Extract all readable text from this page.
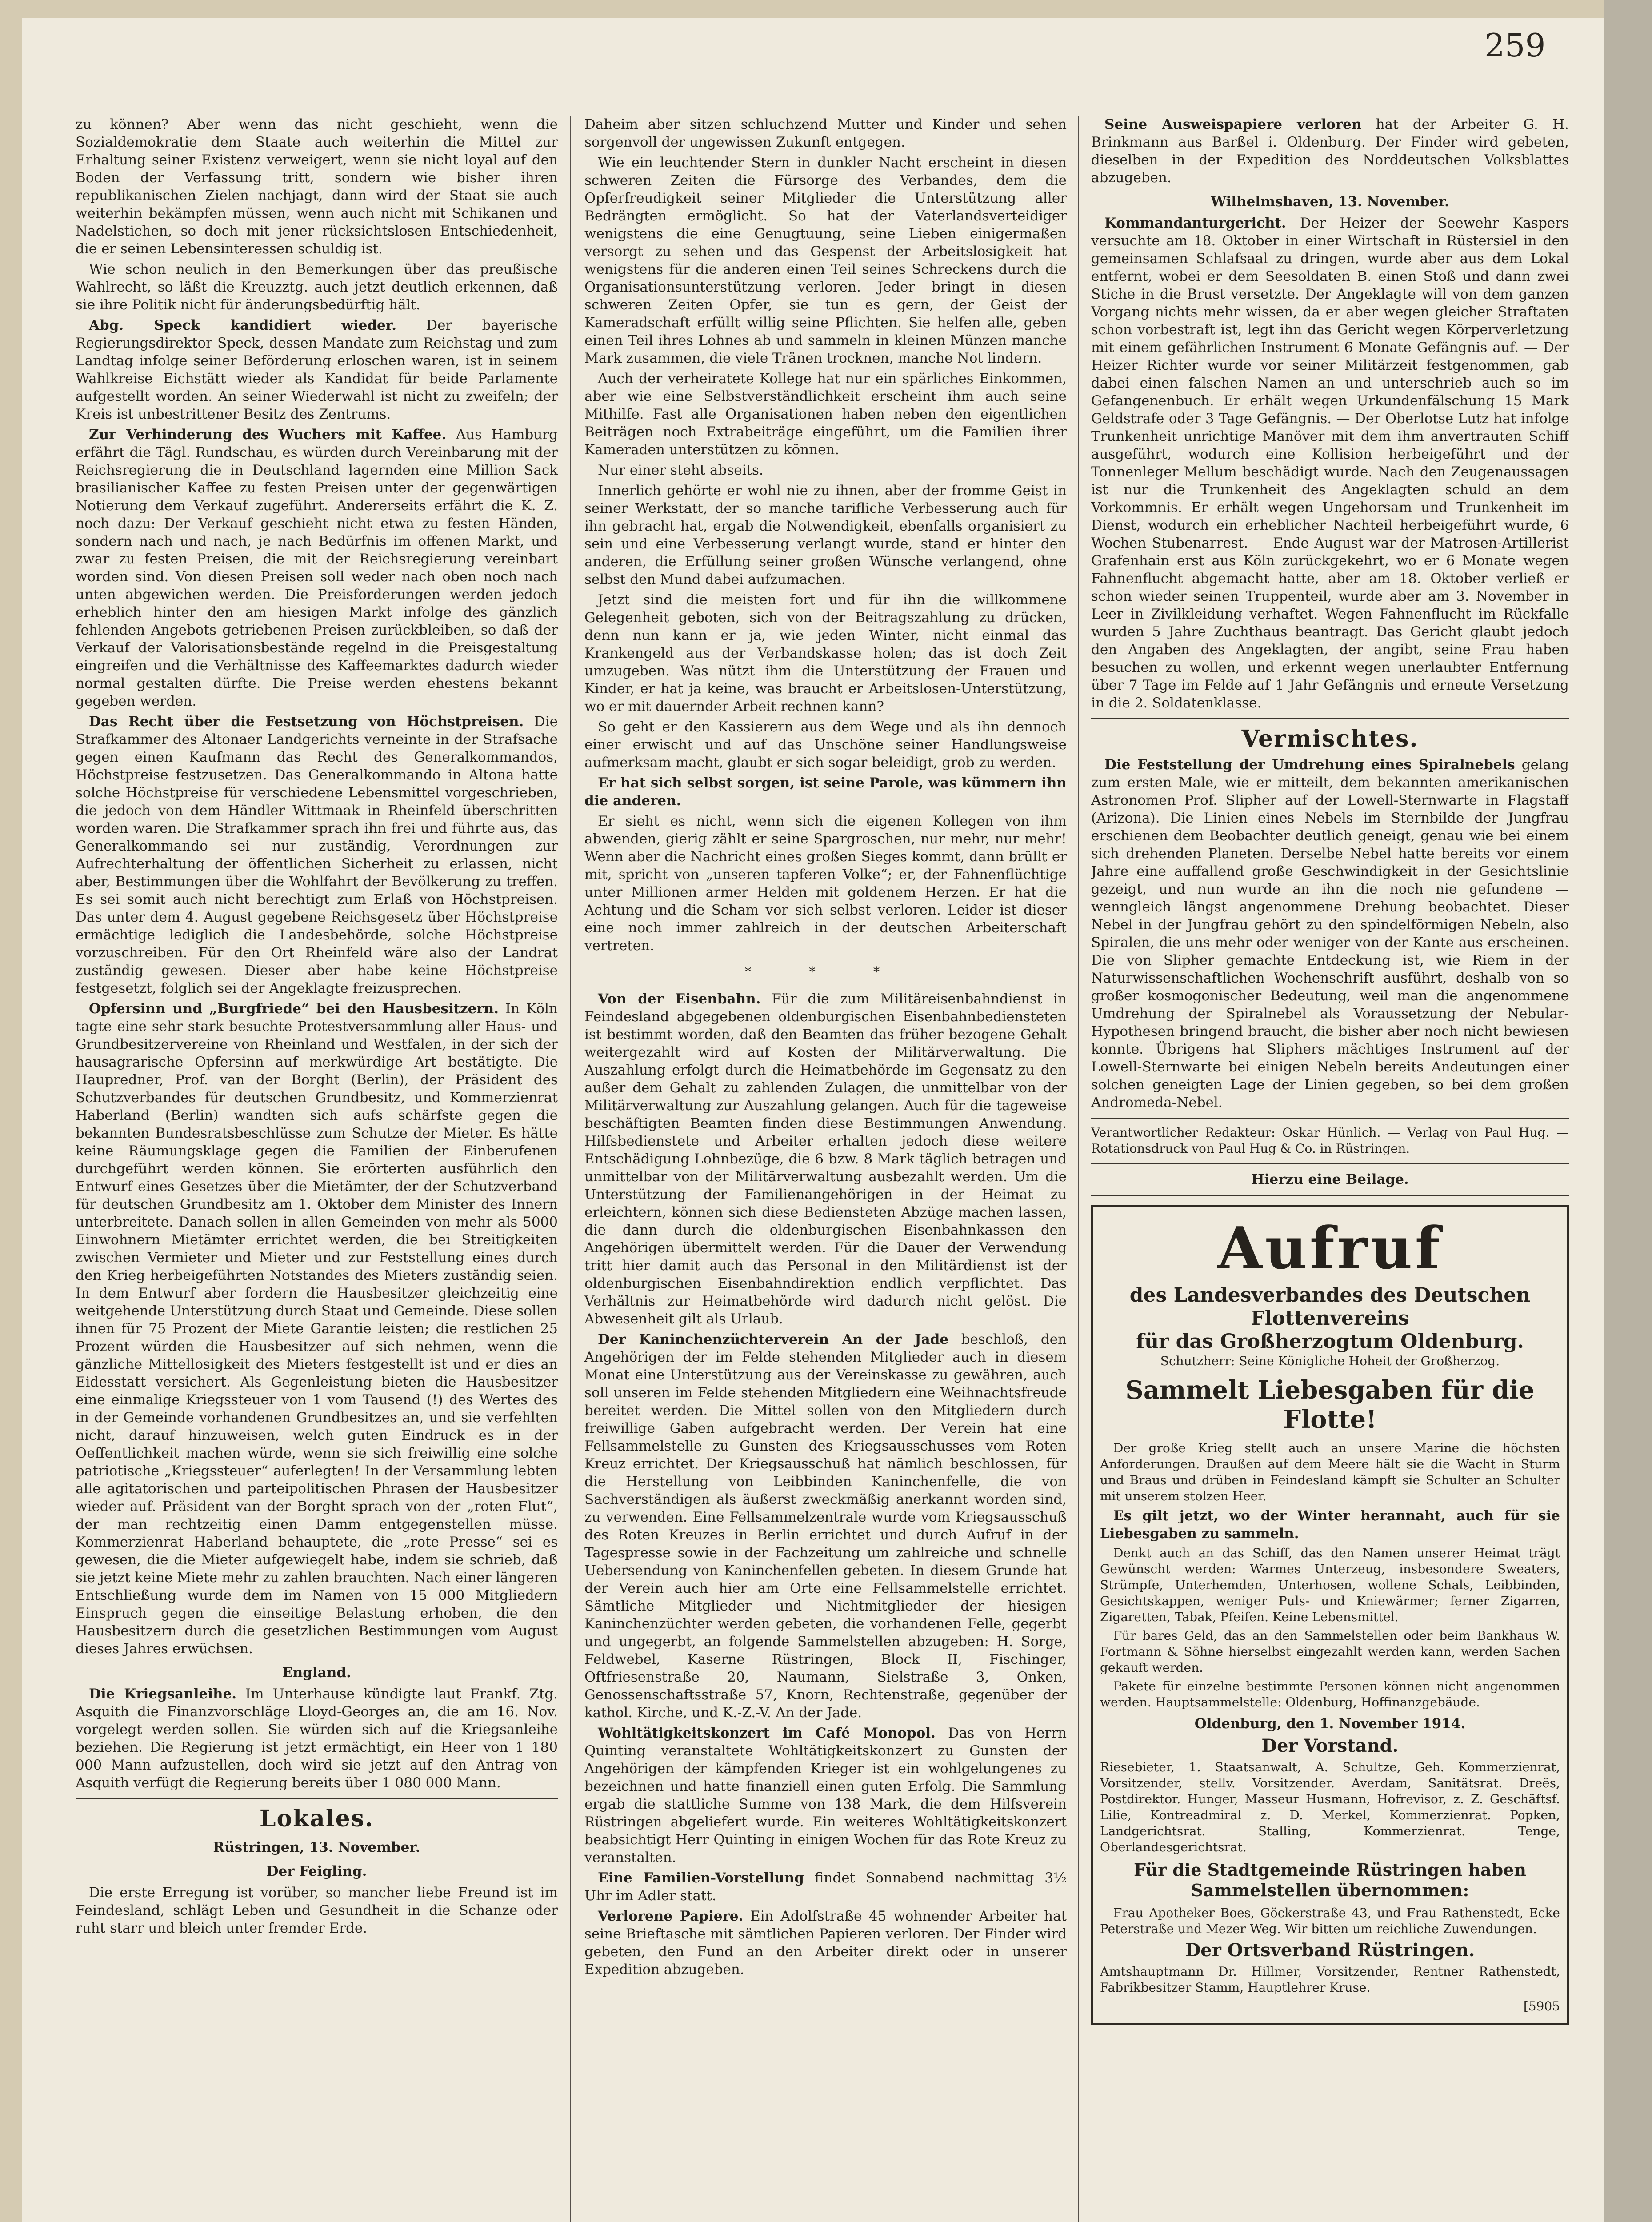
259

zu können? Aber wenn das nicht geschieht, wenn die Sozialdemokratie dem Staate auch weiterhin die Mittel zur Erhaltung seiner Existenz verweigert, wenn sie nicht loyal auf den Boden der Verfassung tritt, sondern wie bisher ihren republikanischen Zielen nachjagt, dann wird der Staat sie auch weiterhin bekämpfen müssen, wenn auch nicht mit Schikanen und Nadelstichen, so doch mit jener rücksichtslosen Entschiedenheit, die er seinen Lebensinteressen schuldig ist.

Wie schon neulich in den Bemerkungen über das preußische Wahlrecht, so läßt die Kreuzztg. auch jetzt deutlich erkennen, daß sie ihre Politik nicht für änderungsbedürftig hält.

Abg. Speck kandidiert wieder. Der bayerische Regierungsdirektor Speck, dessen Mandate zum Reichstag und zum Landtag infolge seiner Beförderung erloschen waren, ist in seinem Wahlkreise Eichstätt wieder als Kandidat für beide Parlamente aufgestellt worden. An seiner Wiederwahl ist nicht zu zweifeln; der Kreis ist unbestrittener Besitz des Zentrums.

Zur Verhinderung des Wuchers mit Kaffee. Aus Hamburg erfährt die Tägl. Rundschau, es würden durch Vereinbarung mit der Reichsregierung die in Deutschland lagernden eine Million Sack brasilianischer Kaffee zu festen Preisen unter der gegenwärtigen Notierung dem Verkauf zugeführt. Andererseits erfährt die K. Z. noch dazu: Der Verkauf geschieht nicht etwa zu festen Händen, sondern nach und nach, je nach Bedürfnis im offenen Markt, und zwar zu festen Preisen, die mit der Reichsregierung vereinbart worden sind. Von diesen Preisen soll weder nach oben noch nach unten abgewichen werden. Die Preisforderungen werden jedoch erheblich hinter den am hiesigen Markt infolge des gänzlich fehlenden Angebots getriebenen Preisen zurückbleiben, so daß der Verkauf der Valorisationsbestände regelnd in die Preisgestaltung eingreifen und die Verhältnisse des Kaffeemarktes dadurch wieder normal gestalten dürfte. Die Preise werden ehestens bekannt gegeben werden.

Das Recht über die Festsetzung von Höchstpreisen. Die Strafkammer des Altonaer Landgerichts verneinte in der Strafsache gegen einen Kaufmann das Recht des Generalkommandos, Höchstpreise festzusetzen. Das Generalkommando in Altona hatte solche Höchstpreise für verschiedene Lebensmittel vorgeschrieben, die jedoch von dem Händler Wittmaak in Rheinfeld überschritten worden waren. Die Strafkammer sprach ihn frei und führte aus, das Generalkommando sei nur zuständig, Verordnungen zur Aufrechterhaltung der öffentlichen Sicherheit zu erlassen, nicht aber, Bestimmungen über die Wohlfahrt der Bevölkerung zu treffen. Es sei somit auch nicht berechtigt zum Erlaß von Höchstpreisen. Das unter dem 4. August gegebene Reichsgesetz über Höchstpreise ermächtige lediglich die Landesbehörde, solche Höchstpreise vorzuschreiben. Für den Ort Rheinfeld wäre also der Landrat zuständig gewesen. Dieser aber habe keine Höchstpreise festgesetzt, folglich sei der Angeklagte freizusprechen.

Opfersinn und „Burgfriede“ bei den Hausbesitzern. In Köln tagte eine sehr stark besuchte Protestversammlung aller Haus- und Grundbesitzervereine von Rheinland und Westfalen, in der sich der hausagrarische Opfersinn auf merkwürdige Art bestätigte. Die Haupredner, Prof. van der Borght (Berlin), der Präsident des Schutzverbandes für deutschen Grundbesitz, und Kommerzienrat Haberland (Berlin) wandten sich aufs schärfste gegen die bekannten Bundesratsbeschlüsse zum Schutze der Mieter. Es hätte keine Räumungsklage gegen die Familien der Einberufenen durchgeführt werden können. Sie erörterten ausführlich den Entwurf eines Gesetzes über die Mietämter, der der Schutzverband für deutschen Grundbesitz am 1. Oktober dem Minister des Innern unterbreitete. Danach sollen in allen Gemeinden von mehr als 5000 Einwohnern Mietämter errichtet werden, die bei Streitigkeiten zwischen Vermieter und Mieter und zur Feststellung eines durch den Krieg herbeigeführten Notstandes des Mieters zuständig seien. In dem Entwurf aber fordern die Hausbesitzer gleichzeitig eine weitgehende Unterstützung durch Staat und Gemeinde. Diese sollen ihnen für 75 Prozent der Miete Garantie leisten; die restlichen 25 Prozent würden die Hausbesitzer auf sich nehmen, wenn die gänzliche Mittellosigkeit des Mieters festgestellt ist und er dies an Eidesstatt versichert. Als Gegenleistung bieten die Hausbesitzer eine einmalige Kriegssteuer von 1 vom Tausend (!) des Wertes des in der Gemeinde vorhandenen Grundbesitzes an, und sie verfehlten nicht, darauf hinzuweisen, welch guten Eindruck es in der Oeffentlichkeit machen würde, wenn sie sich freiwillig eine solche patriotische „Kriegssteuer“ auferlegten! In der Versammlung lebten alle agitatorischen und parteipolitischen Phrasen der Hausbesitzer wieder auf. Präsident van der Borght sprach von der „roten Flut“, der man rechtzeitig einen Damm entgegenstellen müsse. Kommerzienrat Haberland behauptete, die „rote Presse“ sei es gewesen, die die Mieter aufgewiegelt habe, indem sie schrieb, daß sie jetzt keine Miete mehr zu zahlen brauchten. Nach einer längeren Entschließung wurde dem im Namen von 15 000 Mitgliedern Einspruch gegen die einseitige Belastung erhoben, die den Hausbesitzern durch die gesetzlichen Bestimmungen vom August dieses Jahres erwüchsen.

England.

Die Kriegsanleihe. Im Unterhause kündigte laut Frankf. Ztg. Asquith die Finanzvorschläge Lloyd-Georges an, die am 16. Nov. vorgelegt werden sollen. Sie würden sich auf die Kriegsanleihe beziehen. Die Regierung ist jetzt ermächtigt, ein Heer von 1 180 000 Mann aufzustellen, doch wird sie jetzt auf den Antrag von Asquith verfügt die Regierung bereits über 1 080 000 Mann.

Lokales.
Rüstringen, 13. November.
Der Feigling.

Die erste Erregung ist vorüber, so mancher liebe Freund ist im Feindesland, schlägt Leben und Gesundheit in die Schanze oder ruht starr und bleich unter fremder Erde.

Daheim aber sitzen schluchzend Mutter und Kinder und sehen sorgenvoll der ungewissen Zukunft entgegen.

Wie ein leuchtender Stern in dunkler Nacht erscheint in diesen schweren Zeiten die Fürsorge des Verbandes, dem die Opferfreudigkeit seiner Mitglieder die Unterstützung aller Bedrängten ermöglicht. So hat der Vaterlandsverteidiger wenigstens die eine Genugtuung, seine Lieben einigermaßen versorgt zu sehen und das Gespenst der Arbeitslosigkeit hat wenigstens für die anderen einen Teil seines Schreckens durch die Organisationsunterstützung verloren. Jeder bringt in diesen schweren Zeiten Opfer, sie tun es gern, der Geist der Kameradschaft erfüllt willig seine Pflichten. Sie helfen alle, geben einen Teil ihres Lohnes ab und sammeln in kleinen Münzen manche Mark zusammen, die viele Tränen trocknen, manche Not lindern.

Auch der verheiratete Kollege hat nur ein spärliches Einkommen, aber wie eine Selbstverständlichkeit erscheint ihm auch seine Mithilfe. Fast alle Organisationen haben neben den eigentlichen Beiträgen noch Extrabeiträge eingeführt, um die Familien ihrer Kameraden unterstützen zu können.

Nur einer steht abseits.

Innerlich gehörte er wohl nie zu ihnen, aber der fromme Geist in seiner Werkstatt, der so manche tarifliche Verbesserung auch für ihn gebracht hat, ergab die Notwendigkeit, ebenfalls organisiert zu sein und eine Verbesserung verlangt wurde, stand er hinter den anderen, die Erfüllung seiner großen Wünsche verlangend, ohne selbst den Mund dabei aufzumachen.

Jetzt sind die meisten fort und für ihn die willkommene Gelegenheit geboten, sich von der Beitragszahlung zu drücken, denn nun kann er ja, wie jeden Winter, nicht einmal das Krankengeld aus der Verbandskasse holen; das ist doch Zeit umzugeben. Was nützt ihm die Unterstützung der Frauen und Kinder, er hat ja keine, was braucht er Arbeitslosen-Unterstützung, wo er mit dauernder Arbeit rechnen kann?

So geht er den Kassierern aus dem Wege und als ihn dennoch einer erwischt und auf das Unschöne seiner Handlungsweise aufmerksam macht, glaubt er sich sogar beleidigt, grob zu werden.

Er hat sich selbst sorgen, ist seine Parole, was kümmern ihn die anderen.

Er sieht es nicht, wenn sich die eigenen Kollegen von ihm abwenden, gierig zählt er seine Spargroschen, nur mehr, nur mehr! Wenn aber die Nachricht eines großen Sieges kommt, dann brüllt er mit, spricht von „unseren tapferen Volke“; er, der Fahnenflüchtige unter Millionen armer Helden mit goldenem Herzen. Er hat die Achtung und die Scham vor sich selbst verloren. Leider ist dieser eine noch immer zahlreich in der deutschen Arbeiterschaft vertreten.

* * *

Von der Eisenbahn. Für die zum Militäreisenbahndienst in Feindesland abgegebenen oldenburgischen Eisenbahnbediensteten ist bestimmt worden, daß den Beamten das früher bezogene Gehalt weitergezahlt wird auf Kosten der Militärverwaltung. Die Auszahlung erfolgt durch die Heimatbehörde im Gegensatz zu den außer dem Gehalt zu zahlenden Zulagen, die unmittelbar von der Militärverwaltung zur Auszahlung gelangen. Auch für die tageweise beschäftigten Beamten finden diese Bestimmungen Anwendung. Hilfsbedienstete und Arbeiter erhalten jedoch diese weitere Entschädigung Lohnbezüge, die 6 bzw. 8 Mark täglich betragen und unmittelbar von der Militärverwaltung ausbezahlt werden. Um die Unterstützung der Familienangehörigen in der Heimat zu erleichtern, können sich diese Bediensteten Abzüge machen lassen, die dann durch die oldenburgischen Eisenbahnkassen den Angehörigen übermittelt werden. Für die Dauer der Verwendung tritt hier damit auch das Personal in den Militärdienst ist der oldenburgischen Eisenbahndirektion endlich verpflichtet. Das Verhältnis zur Heimatbehörde wird dadurch nicht gelöst. Die Abwesenheit gilt als Urlaub.

Der Kaninchenzüchterverein An der Jade beschloß, den Angehörigen der im Felde stehenden Mitglieder auch in diesem Monat eine Unterstützung aus der Vereinskasse zu gewähren, auch soll unseren im Felde stehenden Mitgliedern eine Weihnachtsfreude bereitet werden. Die Mittel sollen von den Mitgliedern durch freiwillige Gaben aufgebracht werden. Der Verein hat eine Fellsammelstelle zu Gunsten des Kriegsausschusses vom Roten Kreuz errichtet. Der Kriegsausschuß hat nämlich beschlossen, für die Herstellung von Leibbinden Kaninchenfelle, die von Sachverständigen als äußerst zweckmäßig anerkannt worden sind, zu verwenden. Eine Fellsammelzentrale wurde vom Kriegsausschuß des Roten Kreuzes in Berlin errichtet und durch Aufruf in der Tagespresse sowie in der Fachzeitung um zahlreiche und schnelle Uebersendung von Kaninchenfellen gebeten. In diesem Grunde hat der Verein auch hier am Orte eine Fellsammelstelle errichtet. Sämtliche Mitglieder und Nichtmitglieder der hiesigen Kaninchenzüchter werden gebeten, die vorhandenen Felle, gegerbt und ungegerbt, an folgende Sammelstellen abzugeben: H. Sorge, Feldwebel, Kaserne Rüstringen, Block II, Fischinger, Oftfriesenstraße 20, Naumann, Sielstraße 3, Onken, Genossenschaftsstraße 57, Knorn, Rechtenstraße, gegenüber der kathol. Kirche, und K.-Z.-V. An der Jade.

Wohltätigkeitskonzert im Café Monopol. Das von Herrn Quinting veranstaltete Wohltätigkeitskonzert zu Gunsten der Angehörigen der kämpfenden Krieger ist ein wohlgelungenes zu bezeichnen und hatte finanziell einen guten Erfolg. Die Sammlung ergab die stattliche Summe von 138 Mark, die dem Hilfsverein Rüstringen abgeliefert wurde. Ein weiteres Wohltätigkeitskonzert beabsichtigt Herr Quinting in einigen Wochen für das Rote Kreuz zu veranstalten.

Eine Familien-Vorstellung findet Sonnabend nachmittag 3½ Uhr im Adler statt.

Verlorene Papiere. Ein Adolfstraße 45 wohnender Arbeiter hat seine Brieftasche mit sämtlichen Papieren verloren. Der Finder wird gebeten, den Fund an den Arbeiter direkt oder in unserer Expedition abzugeben.

Seine Ausweispapiere verloren hat der Arbeiter G. H. Brinkmann aus Barßel i. Oldenburg. Der Finder wird gebeten, dieselben in der Expedition des Norddeutschen Volksblattes abzugeben.

Wilhelmshaven, 13. November.

Kommandanturgericht. Der Heizer der Seewehr Kaspers versuchte am 18. Oktober in einer Wirtschaft in Rüstersiel in den gemeinsamen Schlafsaal zu dringen, wurde aber aus dem Lokal entfernt, wobei er dem Seesoldaten B. einen Stoß und dann zwei Stiche in die Brust versetzte. Der Angeklagte will von dem ganzen Vorgang nichts mehr wissen, da er aber wegen gleicher Straftaten schon vorbestraft ist, legt ihn das Gericht wegen Körperverletzung mit einem gefährlichen Instrument 6 Monate Gefängnis auf. — Der Heizer Richter wurde vor seiner Militärzeit festgenommen, gab dabei einen falschen Namen an und unterschrieb auch so im Gefangenenbuch. Er erhält wegen Urkundenfälschung 15 Mark Geldstrafe oder 3 Tage Gefängnis. — Der Oberlotse Lutz hat infolge Trunkenheit unrichtige Manöver mit dem ihm anvertrauten Schiff ausgeführt, wodurch eine Kollision herbeigeführt und der Tonnenleger Mellum beschädigt wurde. Nach den Zeugenaussagen ist nur die Trunkenheit des Angeklagten schuld an dem Vorkommnis. Er erhält wegen Ungehorsam und Trunkenheit im Dienst, wodurch ein erheblicher Nachteil herbeigeführt wurde, 6 Wochen Stubenarrest. — Ende August war der Matrosen-Artillerist Grafenhain erst aus Köln zurückgekehrt, wo er 6 Monate wegen Fahnenflucht abgemacht hatte, aber am 18. Oktober verließ er schon wieder seinen Truppenteil, wurde aber am 3. November in Leer in Zivilkleidung verhaftet. Wegen Fahnenflucht im Rückfalle wurden 5 Jahre Zuchthaus beantragt. Das Gericht glaubt jedoch den Angaben des Angeklagten, der angibt, seine Frau haben besuchen zu wollen, und erkennt wegen unerlaubter Entfernung über 7 Tage im Felde auf 1 Jahr Gefängnis und erneute Versetzung in die 2. Soldatenklasse.

Vermischtes.

Die Feststellung der Umdrehung eines Spiralnebels gelang zum ersten Male, wie er mitteilt, dem bekannten amerikanischen Astronomen Prof. Slipher auf der Lowell-Sternwarte in Flagstaff (Arizona). Die Linien eines Nebels im Sternbilde der Jungfrau erschienen dem Beobachter deutlich geneigt, genau wie bei einem sich drehenden Planeten. Derselbe Nebel hatte bereits vor einem Jahre eine auffallend große Geschwindigkeit in der Gesichtslinie gezeigt, und nun wurde an ihn die noch nie gefundene — wenngleich längst angenommene Drehung beobachtet. Dieser Nebel in der Jungfrau gehört zu den spindelförmigen Nebeln, also Spiralen, die uns mehr oder weniger von der Kante aus erscheinen. Die von Slipher gemachte Entdeckung ist, wie Riem in der Naturwissenschaftlichen Wochenschrift ausführt, deshalb von so großer kosmogonischer Bedeutung, weil man die angenommene Umdrehung der Spiralnebel als Voraussetzung der Nebular-Hypothesen bringend braucht, die bisher aber noch nicht bewiesen konnte. Übrigens hat Sliphers mächtiges Instrument auf der Lowell-Sternwarte bei einigen Nebeln bereits Andeutungen einer solchen geneigten Lage der Linien gegeben, so bei dem großen Andromeda-Nebel.

Verantwortlicher Redakteur: Oskar Hünlich. — Verlag von Paul Hug. — Rotationsdruck von Paul Hug & Co. in Rüstringen.

Hierzu eine Beilage.
Aufruf
des Landesverbandes des Deutschen Flottenvereins
für das Großherzogtum Oldenburg.

Schutzherr: Seine Königliche Hoheit der Großherzog.

Sammelt Liebesgaben für die Flotte!

Der große Krieg stellt auch an unsere Marine die höchsten Anforderungen. Draußen auf dem Meere hält sie die Wacht in Sturm und Braus und drüben in Feindesland kämpft sie Schulter an Schulter mit unserem stolzen Heer.

Es gilt jetzt, wo der Winter herannaht, auch für sie Liebesgaben zu sammeln.

Denkt auch an das Schiff, das den Namen unserer Heimat trägt Gewünscht werden: Warmes Unterzeug, insbesondere Sweaters, Strümpfe, Unterhemden, Unterhosen, wollene Schals, Leibbinden, Gesichtskappen, weniger Puls- und Kniewärmer; ferner Zigarren, Zigaretten, Tabak, Pfeifen. Keine Lebensmittel.

Für bares Geld, das an den Sammelstellen oder beim Bankhaus W. Fortmann & Söhne hierselbst eingezahlt werden kann, werden Sachen gekauft werden.

Pakete für einzelne bestimmte Personen können nicht angenommen werden. Hauptsammelstelle: Oldenburg, Hoffinanzgebäude.

Oldenburg, den 1. November 1914.
Der Vorstand.

Riesebieter, 1. Staatsanwalt, A. Schultze, Geh. Kommerzienrat, Vorsitzender, stellv. Vorsitzender. Averdam, Sanitätsrat. Dreës, Postdirektor. Hunger, Masseur Husmann, Hofrevisor, z. Z. Geschäftsf. Lilie, Kontreadmiral z. D. Merkel, Kommerzienrat. Popken, Landgerichtsrat. Stalling, Kommerzienrat. Tenge, Oberlandesgerichtsrat.

Für die Stadtgemeinde Rüstringen haben Sammelstellen übernommen:

Frau Apotheker Boes, Göckerstraße 43, und Frau Rathenstedt, Ecke Peterstraße und Mezer Weg. Wir bitten um reichliche Zuwendungen.

Der Ortsverband Rüstringen.

Amtshauptmann Dr. Hillmer, Vorsitzender, Rentner Rathenstedt, Fabrikbesitzer Stamm, Hauptlehrer Kruse.

[5905
